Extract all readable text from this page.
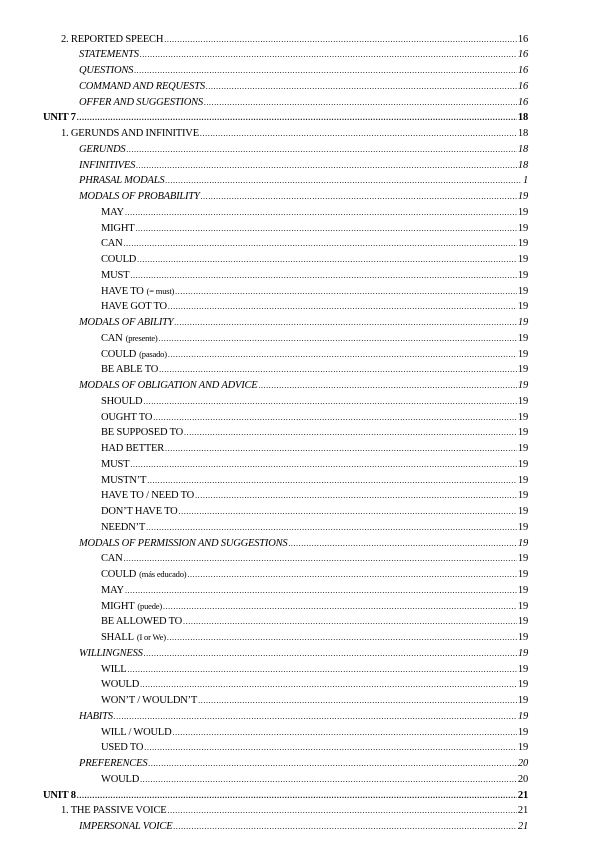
2. REPORTED SPEECH .....	16
STATEMENTS .....	16
QUESTIONS .....	16
COMMAND AND REQUESTS .....	16
OFFER AND SUGGESTIONS .....	16
UNIT 7 .....	18
1. GERUNDS AND INFINITIVE .....	18
GERUNDS .....	18
INFINITIVES .....	18
PHRASAL MODALS .....	1
MODALS OF PROBABILITY .....	19
MAY .....	19
MIGHT .....	19
CAN .....	19
COULD .....	19
MUST .....	19
HAVE TO (= must) .....	19
HAVE GOT TO .....	19
MODALS OF ABILITY .....	19
CAN (presente) .....	19
COULD (pasado) .....	19
BE ABLE TO .....	19
MODALS OF OBLIGATION AND ADVICE .....	19
SHOULD .....	19
OUGHT TO .....	19
BE SUPPOSED TO .....	19
HAD BETTER .....	19
MUST .....	19
MUSTN’T .....	19
HAVE TO / NEED TO .....	19
DON’T HAVE TO .....	19
NEEDN’T .....	19
MODALS OF PERMISSION AND SUGGESTIONS .....	19
CAN .....	19
COULD (más educado) .....	19
MAY .....	19
MIGHT (puede) .....	19
BE ALLOWED TO .....	19
SHALL (I or We) .....	19
WILLINGNESS .....	19
WILL .....	19
WOULD .....	19
WON’T / WOULDN’T .....	19
HABITS .....	19
WILL / WOULD .....	19
USED TO .....	19
PREFERENCES .....	20
WOULD .....	20
UNIT 8 .....	21
1. THE PASSIVE VOICE .....	21
IMPERSONAL VOICE .....	21
